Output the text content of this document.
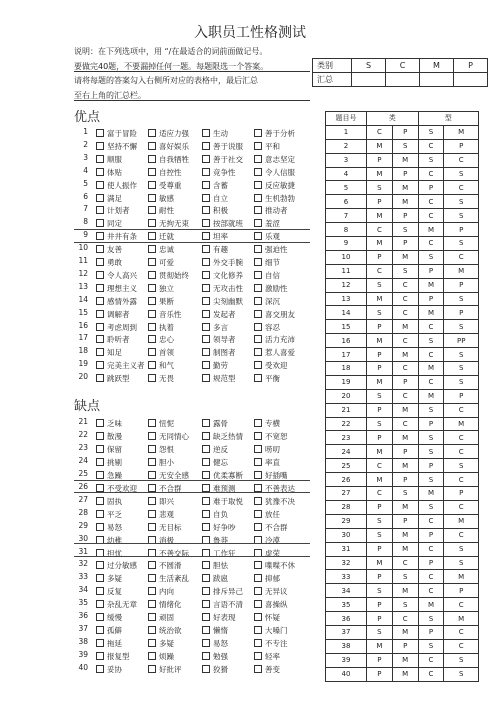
入职员工性格测试
说明：在下列选项中，用 “/在最适合的词前面做记号。
要做完40题，不要漏掉任何一题。每题限选一个答案。
请将每题的答案勾入右侧所对应的表格中，最后汇总
至右上角的汇总栏。
类别	S	C	M	P
汇总				
优点
缺点
1	富于冒险	适应力强	生动	善于分析
2	坚持不懈	喜好娱乐	善于说服	平和
3	顺服	自我牺牲	善于社交	意志坚定
4	体贴	自控性	竞争性	令人信服
5	使人振作	受尊重	含蓄	反应敏捷
6	满足	敏感	自立	生机勃勃
7	计划者	耐性	积极	推动者
8	同定	无拘无束	按部就班	羞涩
9	井井有条	迁就	坦率	乐观
10	友善	忠诚	有趣	强迫性
11	勇敢	可爱	外交手腕	细节
12	令人高兴	贯彻始终	文化修养	自信
13	理想主义	独立	无攻击性	激励性
14	感情外露	果断	尖刻幽默	深沉
15	调解者	音乐性	发起者	喜交朋友
16	考虑周到	执着	多言	容忍
17	聆听者	忠心	领导者	活力充沛
18	知足	首领	制图者	惹人喜爱
19	完美主义者	和气	勤劳	受欢迎
20	跳跃型	无畏	规范型	平衡
21	乏味	忸怩	露骨	专横
22	散漫	无同情心	缺乏热情	不宽恕
23	保留	怨恨	逆反	唠叨
24	挑剔	胆小	健忘	率直
25	急躁	无安全感	优柔寡断	好插嘴
26	不受欢迎	不合群	难预测	不善表达
27	固执	即兴	难于取悦	犹豫不决
28	平乏	悲观	自负	放任
29	易怒	无目标	好争吵	不合群
30	幼稚	消极	鲁莽	冷漠
31	担忧	不善交际	工作狂	虚荣
32	过分敏感	不圆滑	胆怯	喋喋不休
33	多疑	生活紊乱	跋扈	抑郁
34	反复	内向	排斥异己	无异议
35	杂乱无章	情绪化	言语不清	喜操纵
36	缓慢	顽固	好表现	怀疑
37	孤僻	统治欲	懒惰	大嗓门
38	拖延	多疑	易怒	不专注
39	报复型	烦躁	勉强	轻率
40	妥协	好批评	狡猾	善变
题目号	类		型	
1	C	P	S	M
2	M	S	C	P
3	P	M	S	C
4	M	P	C	S
5	S	M	P	C
6	P	M	C	S
7	M	P	C	S
8	C	S	M	P
9	M	P	C	S
10	P	M	S	C
11	C	S	P	M
12	S	C	M	P
13	M	C	P	S
14	S	C	M	P
15	P	M	C	S
16	M	C	S	PP
17	P	M	C	S
18	P	C	M	S
19	M	P	C	S
20	S	C	M	P
21	P	M	S	C
22	S	C	P	M
23	P	M	S	C
24	M	P	S	C
25	C	M	P	S
26	M	P	S	C
27	C	S	M	P
28	P	M	S	C
29	S	P	C	M
30	S	M	P	C
31	P	M	C	S
32	M	C	P	S
33	P	S	C	M
34	S	M	C	P
35	P	S	M	C
36	P	C	S	M
37	S	M	P	C
38	M	P	S	C
39	P	M	C	S
40	P	M	C	S
